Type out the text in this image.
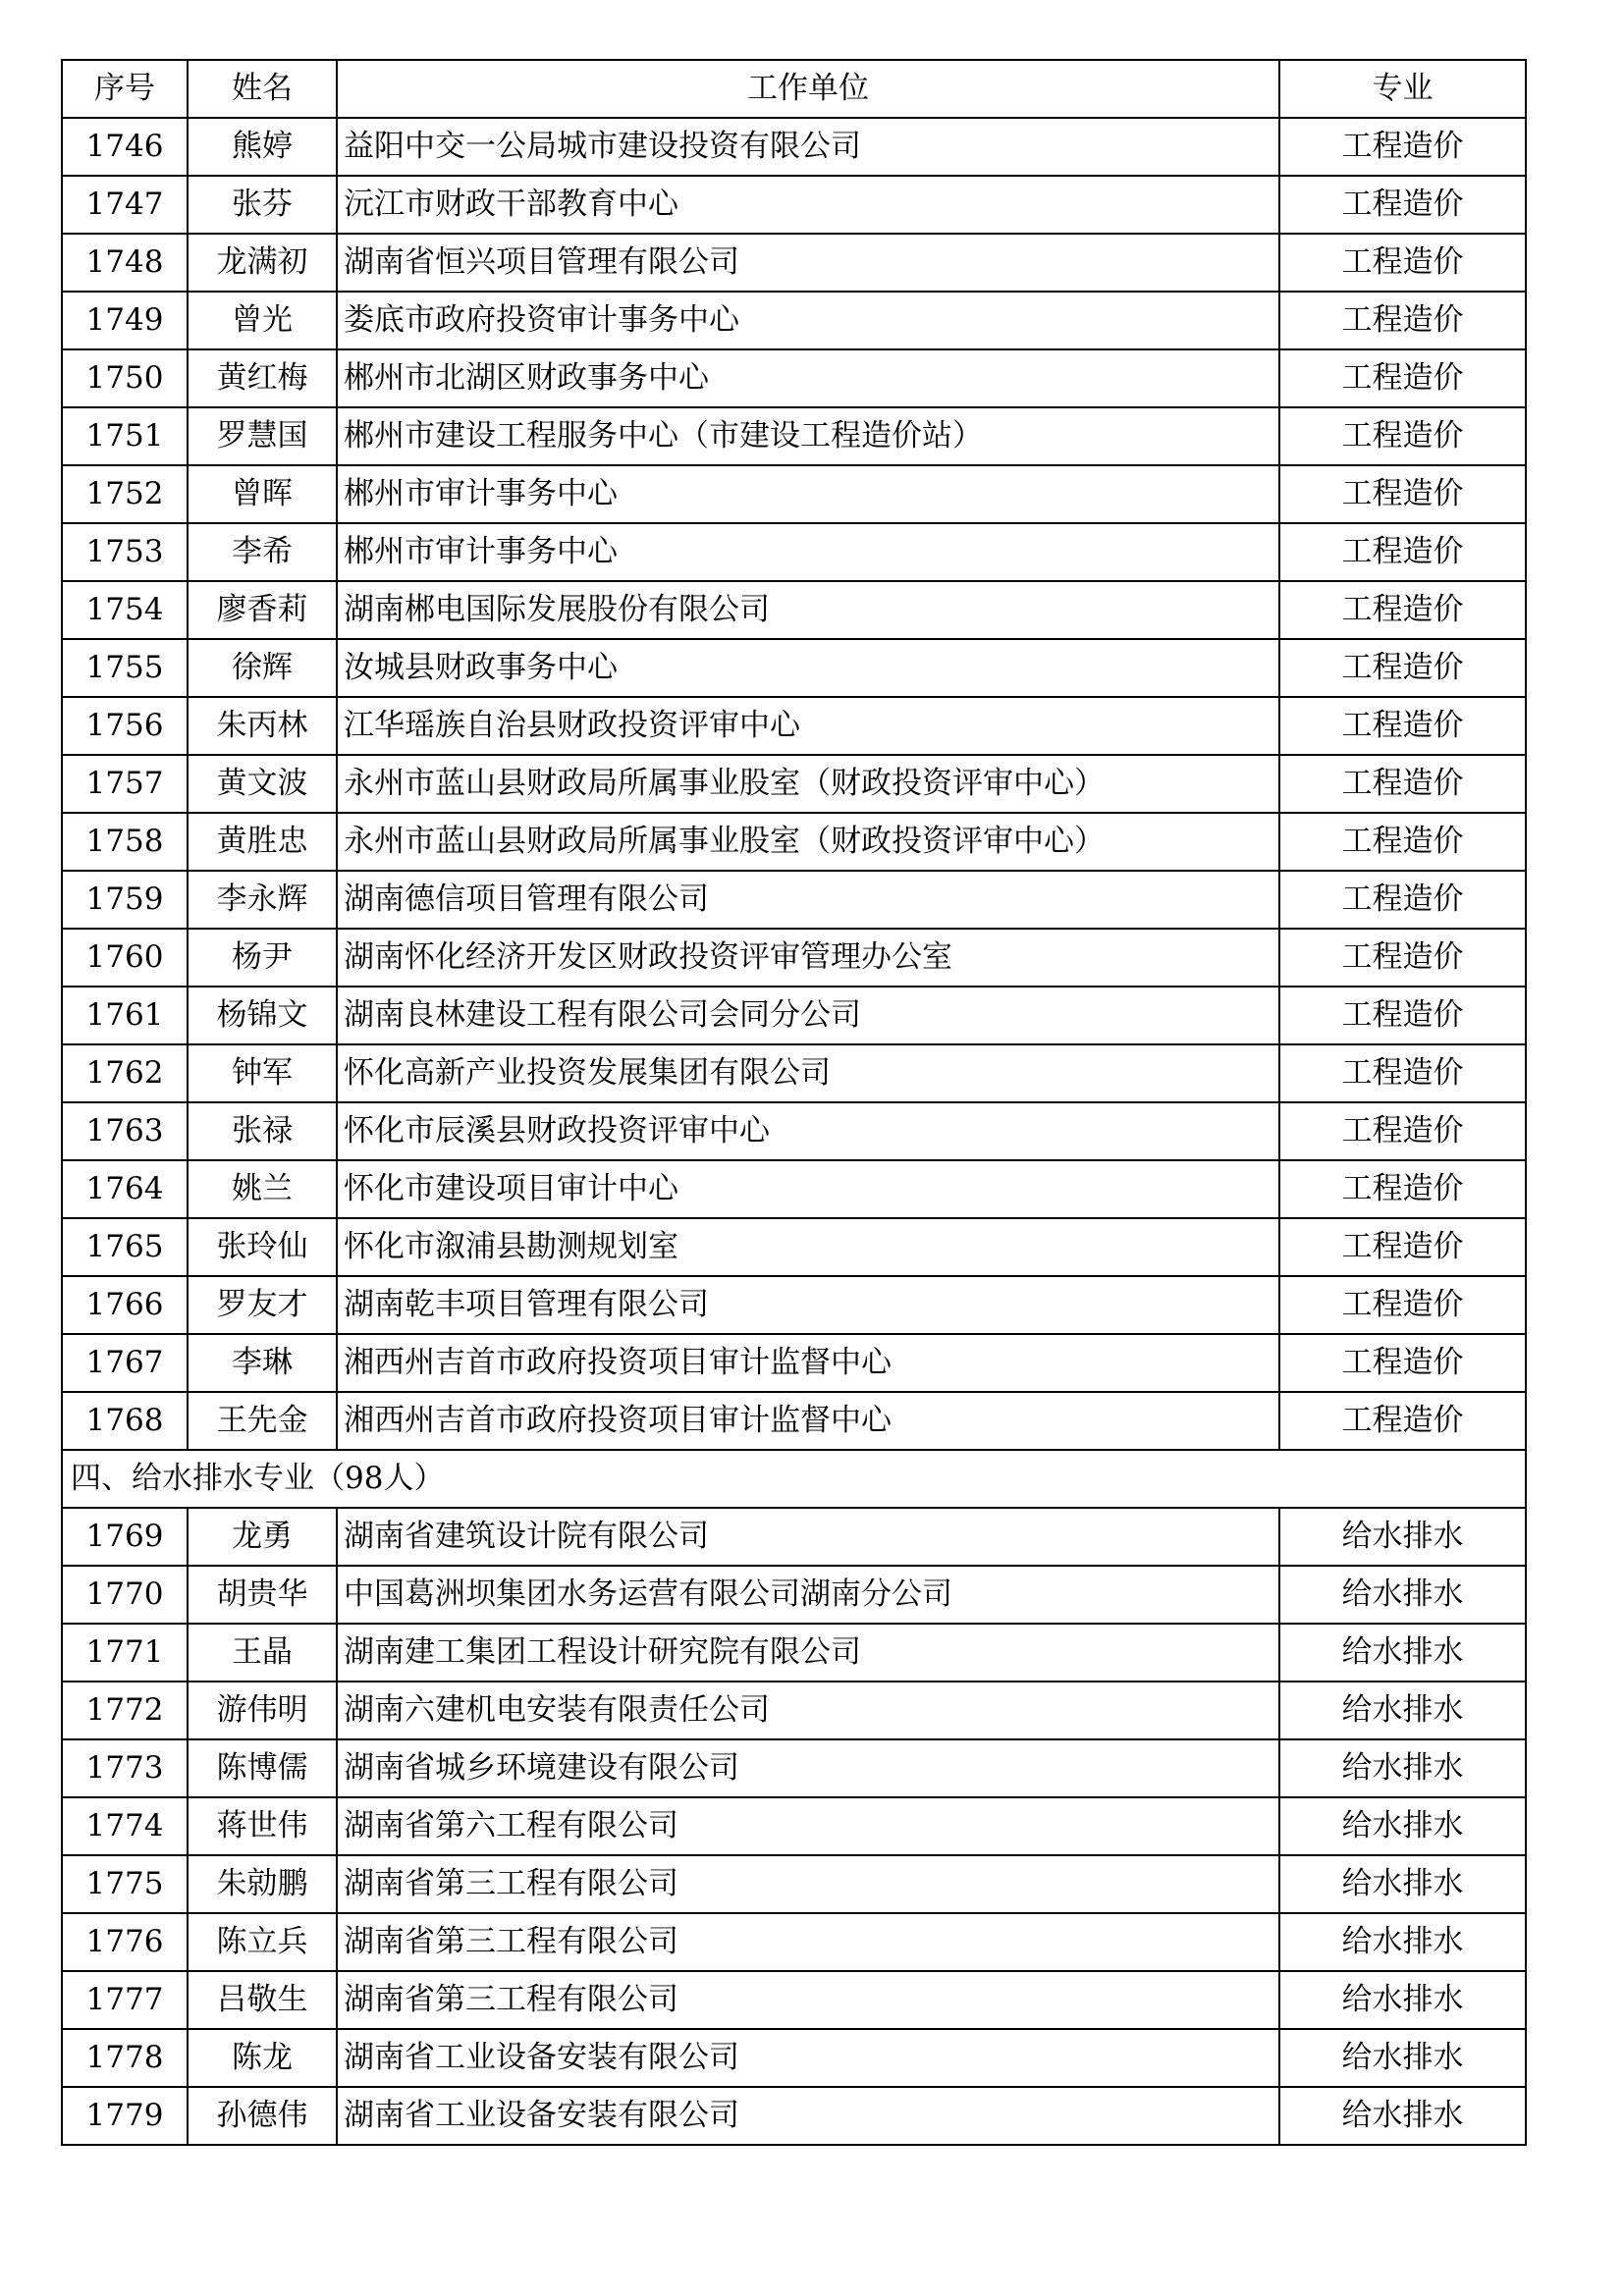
序号	姓名	工作单位	专业
1746	熊婷	益阳中交一公局城市建设投资有限公司	工程造价
1747	张芬	沅江市财政干部教育中心	工程造价
1748	龙满初	湖南省恒兴项目管理有限公司	工程造价
1749	曾光	娄底市政府投资审计事务中心	工程造价
1750	黄红梅	郴州市北湖区财政事务中心	工程造价
1751	罗慧国	郴州市建设工程服务中心（市建设工程造价站）	工程造价
1752	曾晖	郴州市审计事务中心	工程造价
1753	李希	郴州市审计事务中心	工程造价
1754	廖香莉	湖南郴电国际发展股份有限公司	工程造价
1755	徐辉	汝城县财政事务中心	工程造价
1756	朱丙林	江华瑶族自治县财政投资评审中心	工程造价
1757	黄文波	永州市蓝山县财政局所属事业股室（财政投资评审中心）	工程造价
1758	黄胜忠	永州市蓝山县财政局所属事业股室（财政投资评审中心）	工程造价
1759	李永辉	湖南德信项目管理有限公司	工程造价
1760	杨尹	湖南怀化经济开发区财政投资评审管理办公室	工程造价
1761	杨锦文	湖南良林建设工程有限公司会同分公司	工程造价
1762	钟军	怀化高新产业投资发展集团有限公司	工程造价
1763	张禄	怀化市辰溪县财政投资评审中心	工程造价
1764	姚兰	怀化市建设项目审计中心	工程造价
1765	张玲仙	怀化市溆浦县勘测规划室	工程造价
1766	罗友才	湖南乾丰项目管理有限公司	工程造价
1767	李琳	湘西州吉首市政府投资项目审计监督中心	工程造价
1768	王先金	湘西州吉首市政府投资项目审计监督中心	工程造价
四、给水排水专业（98人）			
1769	龙勇	湖南省建筑设计院有限公司	给水排水
1770	胡贵华	中国葛洲坝集团水务运营有限公司湖南分公司	给水排水
1771	王晶	湖南建工集团工程设计研究院有限公司	给水排水
1772	游伟明	湖南六建机电安装有限责任公司	给水排水
1773	陈博儒	湖南省城乡环境建设有限公司	给水排水
1774	蒋世伟	湖南省第六工程有限公司	给水排水
1775	朱勍鹏	湖南省第三工程有限公司	给水排水
1776	陈立兵	湖南省第三工程有限公司	给水排水
1777	吕敬生	湖南省第三工程有限公司	给水排水
1778	陈龙	湖南省工业设备安装有限公司	给水排水
1779	孙德伟	湖南省工业设备安装有限公司	给水排水
